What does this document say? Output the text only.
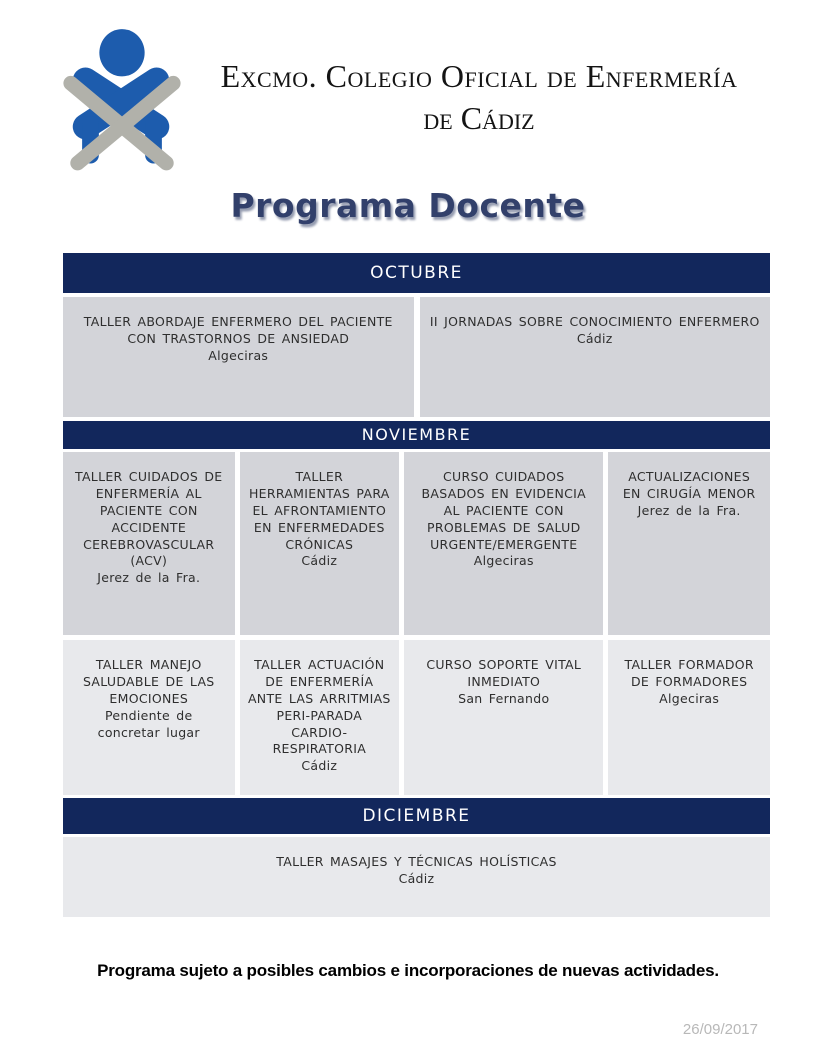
Excmo. Colegio Oficial de Enfermería
de Cádiz
Programa Docente
OCTUBRE
TALLER ABORDAJE ENFERMERO DEL PACIENTE CON TRASTORNOS DE ANSIEDAD
Algeciras
II JORNADAS SOBRE CONOCIMIENTO ENFERMERO
Cádiz
NOVIEMBRE
TALLER CUIDADOS DE ENFERMERÍA AL PACIENTE CON ACCIDENTE CEREBROVASCULAR (ACV)
Jerez de la Fra.
TALLER HERRAMIENTAS PARA EL AFRONTAMIENTO EN ENFERMEDADES CRÓNICAS
Cádiz
CURSO CUIDADOS BASADOS EN EVIDENCIA AL PACIENTE CON PROBLEMAS DE SALUD URGENTE/EMERGENTE
Algeciras
ACTUALIZACIONES EN CIRUGÍA MENOR
Jerez de la Fra.
TALLER MANEJO SALUDABLE DE LAS EMOCIONES
Pendiente de concretar lugar
TALLER ACTUACIÓN DE ENFERMERÍA ANTE LAS ARRITMIAS PERI-PARADA CARDIO-RESPIRATORIA
Cádiz
CURSO SOPORTE VITAL INMEDIATO
San Fernando
TALLER FORMADOR DE FORMADORES
Algeciras
DICIEMBRE
TALLER MASAJES Y TÉCNICAS HOLÍSTICAS
Cádiz
Programa sujeto a posibles cambios e incorporaciones de nuevas actividades.
26/09/2017
